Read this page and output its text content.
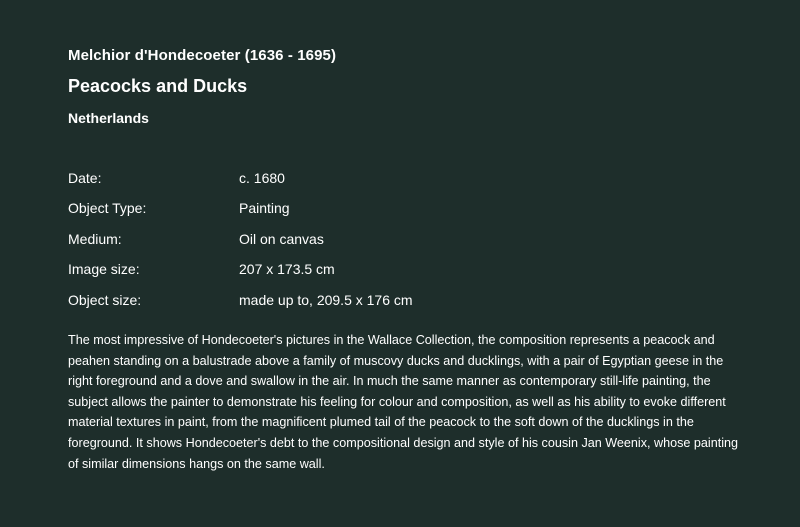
Melchior d'Hondecoeter (1636 - 1695)
Peacocks and Ducks
Netherlands
Date:	c. 1680
Object Type:	Painting
Medium:	Oil on canvas
Image size:	207 x 173.5 cm
Object size:	made up to, 209.5 x 176 cm
The most impressive of Hondecoeter's pictures in the Wallace Collection, the composition represents a peacock and peahen standing on a balustrade above a family of muscovy ducks and ducklings, with a pair of Egyptian geese in the right foreground and a dove and swallow in the air. In much the same manner as contemporary still-life painting, the subject allows the painter to demonstrate his feeling for colour and composition, as well as his ability to evoke different material textures in paint, from the magnificent plumed tail of the peacock to the soft down of the ducklings in the foreground. It shows Hondecoeter's debt to the compositional design and style of his cousin Jan Weenix, whose painting of similar dimensions hangs on the same wall.
